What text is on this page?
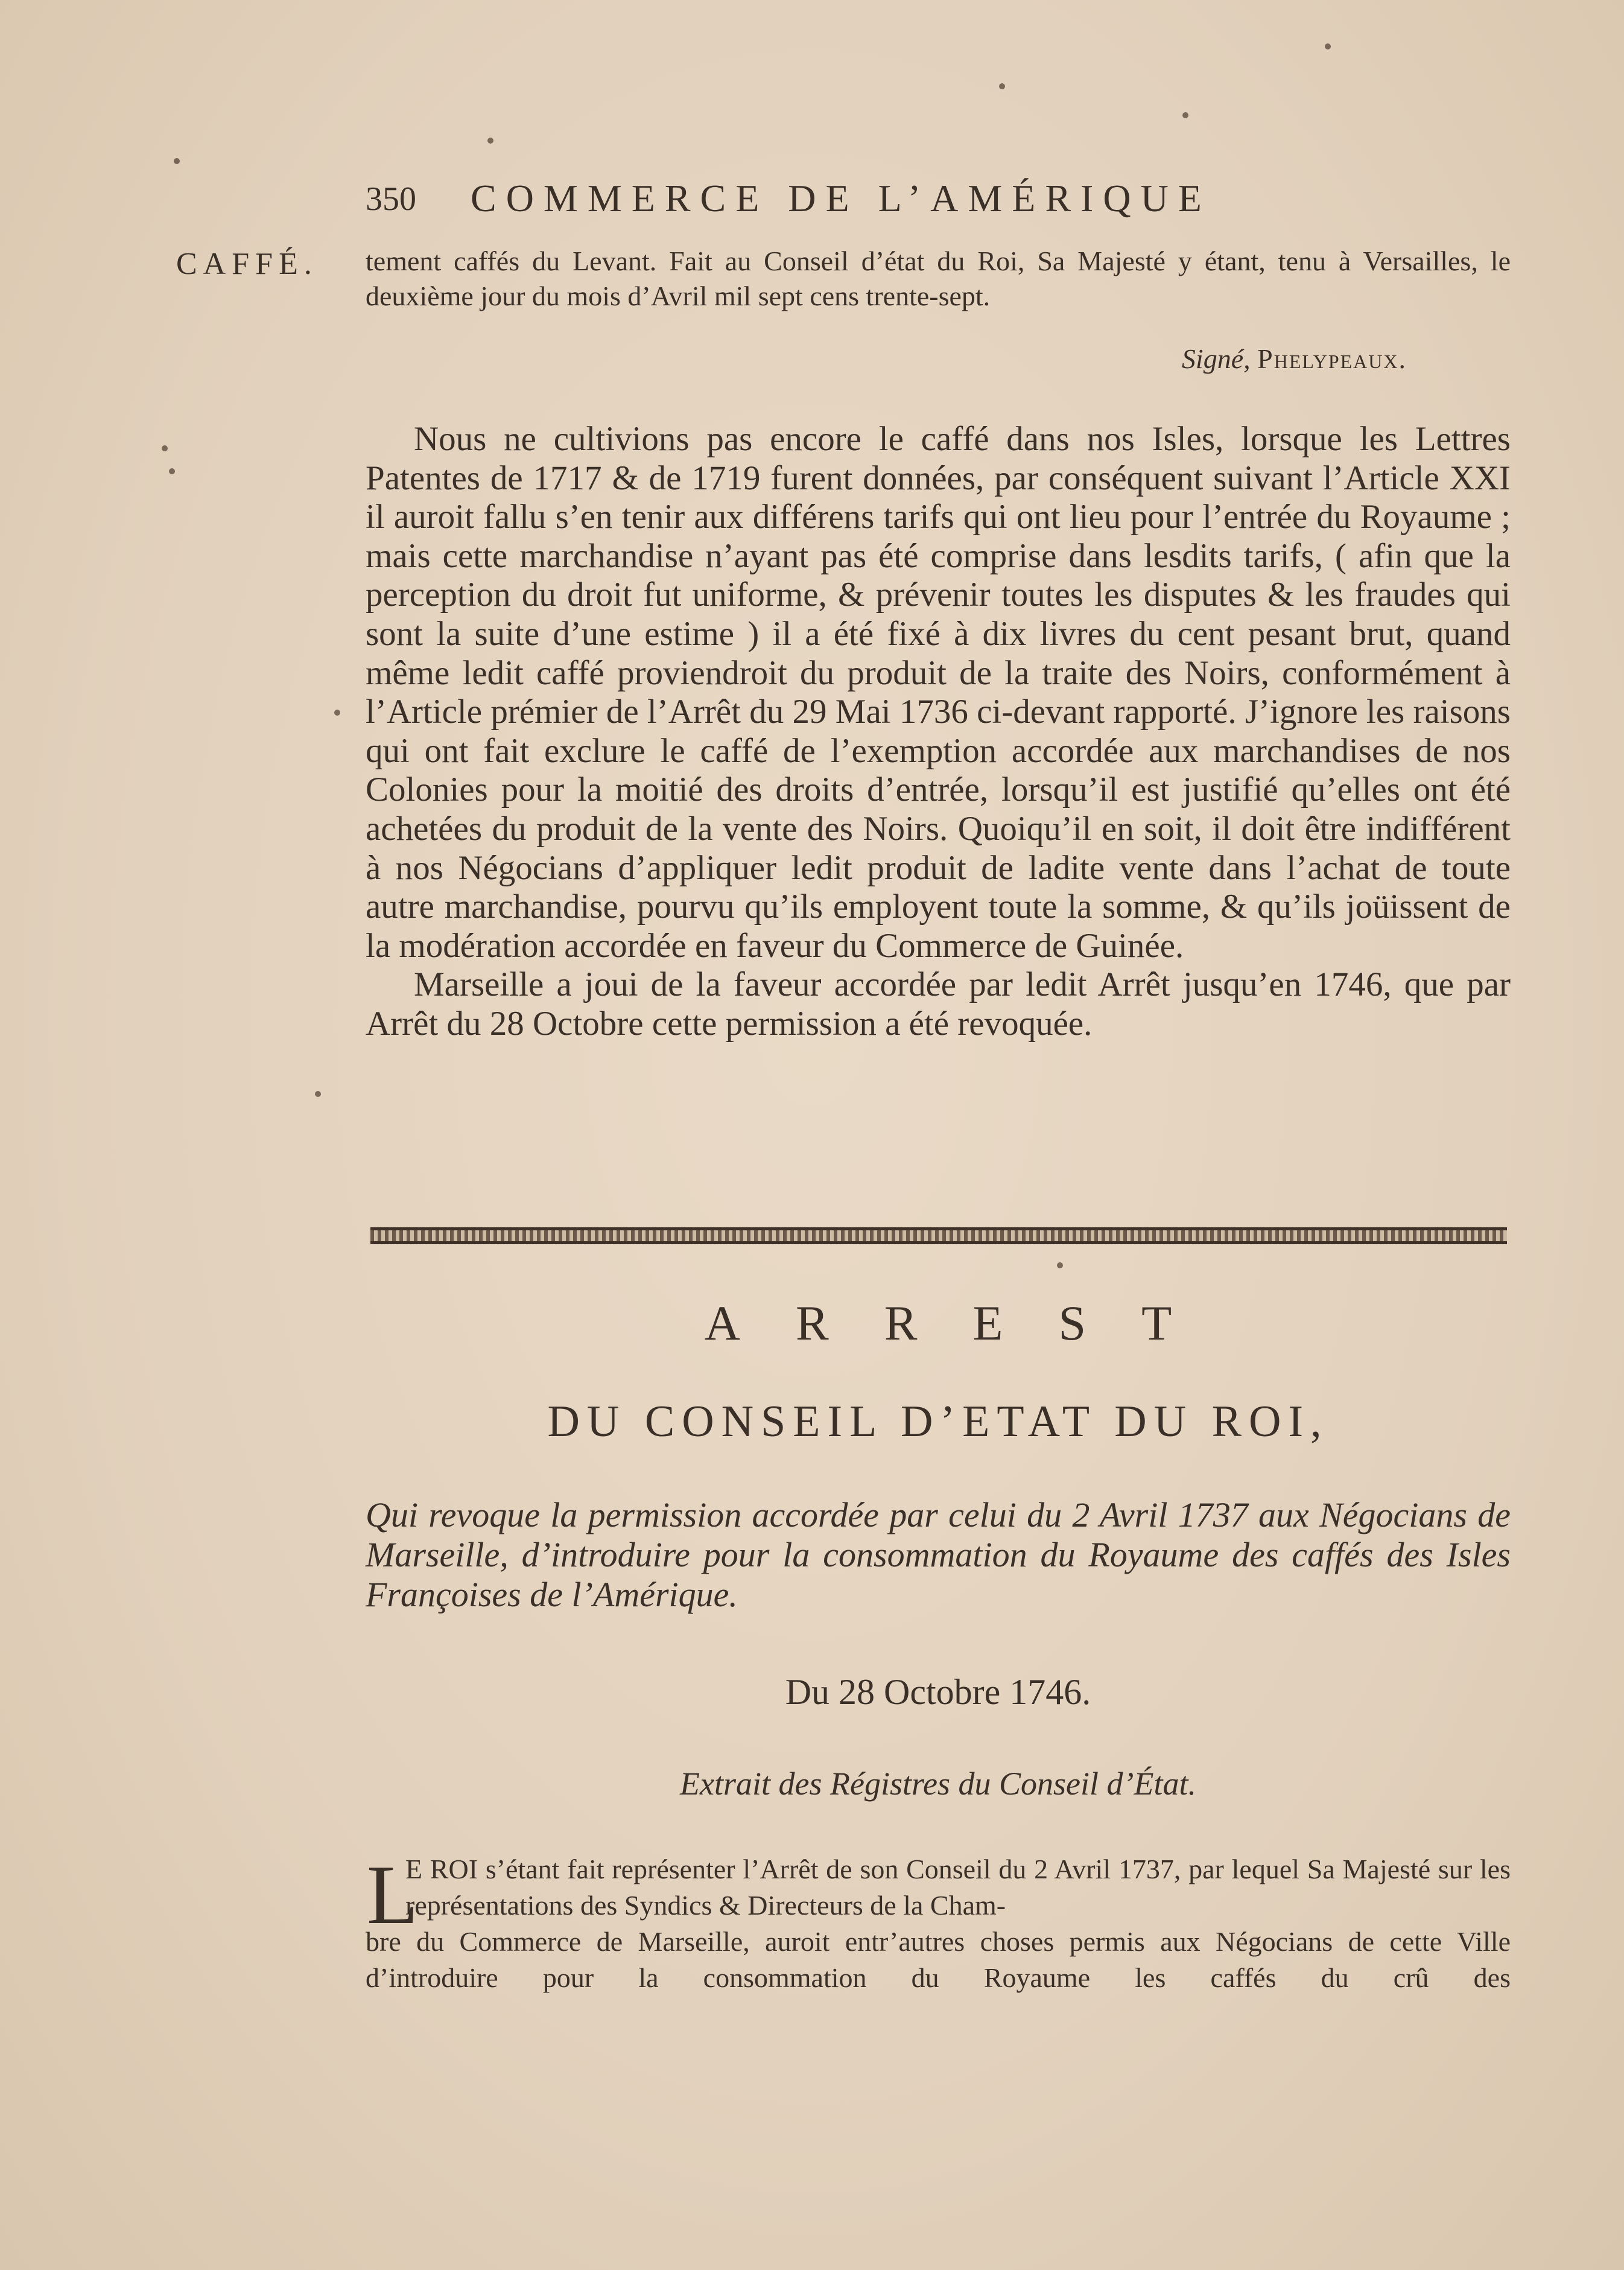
350 COMMERCE DE L’AMÉRIQUE
CAFFÉ. tement caffés du Levant. Fait au Conseil d’état du Roi, Sa Majesté y étant, tenu à Versailles, le deuxième jour du mois d’Avril mil sept cens trente-sept.
Signé, Phelypeaux.

Nous ne cultivions pas encore le caffé dans nos Isles, lorsque les Lettres Patentes de 1717 & de 1719 furent données, par conséquent suivant l’Article XXI il auroit fallu s’en tenir aux différens tarifs qui ont lieu pour l’entrée du Royaume ; mais cette marchandise n’ayant pas été comprise dans lesdits tarifs, ( afin que la perception du droit fut uniforme, & prévenir toutes les disputes & les fraudes qui sont la suite d’une estime ) il a été fixé à dix livres du cent pesant brut, quand même ledit caffé proviendroit du produit de la traite des Noirs, conformément à l’Article prémier de l’Arrêt du 29 Mai 1736 ci-devant rapporté. J’ignore les raisons qui ont fait exclure le caffé de l’exemption accordée aux marchandises de nos Colonies pour la moitié des droits d’entrée, lorsqu’il est justifié qu’elles ont été achetées du produit de la vente des Noirs. Quoiqu’il en soit, il doit être indifférent à nos Négocians d’appliquer ledit produit de ladite vente dans l’achat de toute autre marchandise, pourvu qu’ils employent toute la somme, & qu’ils joüissent de la modération accordée en faveur du Commerce de Guinée.

Marseille a joui de la faveur accordée par ledit Arrêt jusqu’en 1746, que par Arrêt du 28 Octobre cette permission a été revoquée.

ARREST
DU CONSEIL D’ETAT DU ROI,
Qui revoque la permission accordée par celui du 2 Avril 1737 aux Négocians de Marseille, d’introduire pour la consommation du Royaume des caffés des Isles Françoises de l’Amérique.
Du 28 Octobre 1746.
Extrait des Régistres du Conseil d’État.
L
E ROI s’étant fait représenter l’Arrêt de son Conseil du 2 Avril 1737, par lequel Sa Majesté sur les représentations des Syndics & Directeurs de la Cham-
bre du Commerce de Marseille, auroit entr’autres choses permis aux Négocians de cette Ville d’introduire pour la consommation du Royaume les caffés du crû des
